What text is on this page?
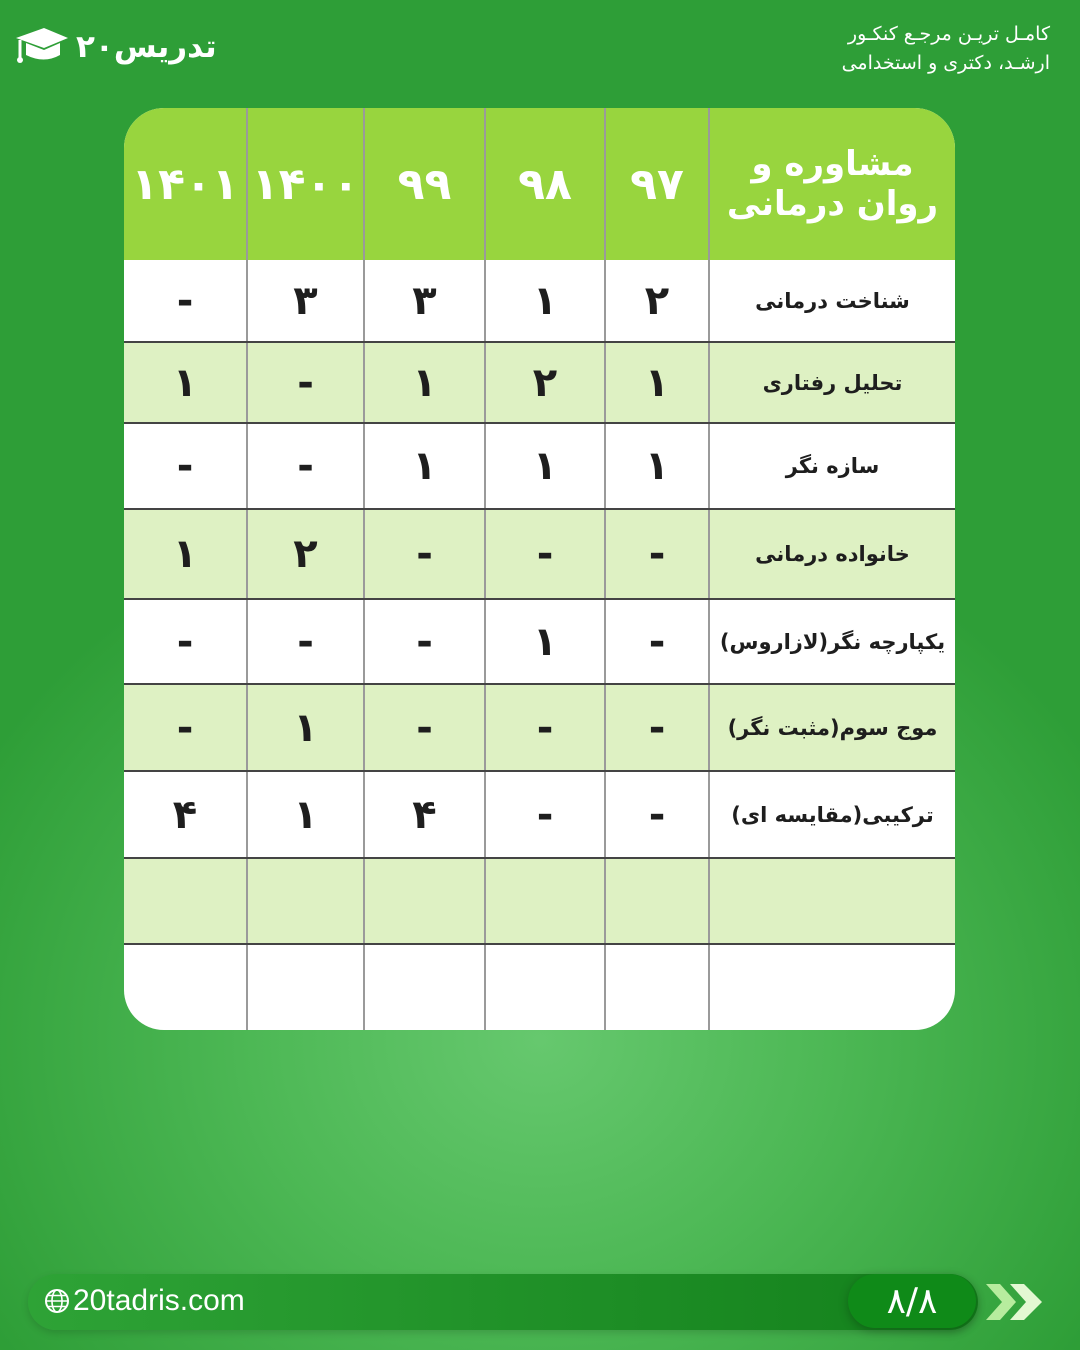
۲۰تدریس	کامـل تریـن مرجـع کنکـور
ارشـد، دکتری و استخدامی
۱۴۰۱	۱۴۰۰	۹۹	۹۸	۹۷	مشاوره و روان درمانی
-	۳	۳	۱	۲	شناخت درمانی
۱	-	۱	۲	۱	تحلیل رفتاری
-	-	۱	۱	۱	سازه نگر
۱	۲	-	-	-	خانواده درمانی
-	-	-	۱	-	یکپارچه نگر(لازاروس)
-	۱	-	-	-	موج سوم(مثبت نگر)
۴	۱	۴	-	-	ترکیبی(مقایسه ای)

20tadris.com	۸/۸
